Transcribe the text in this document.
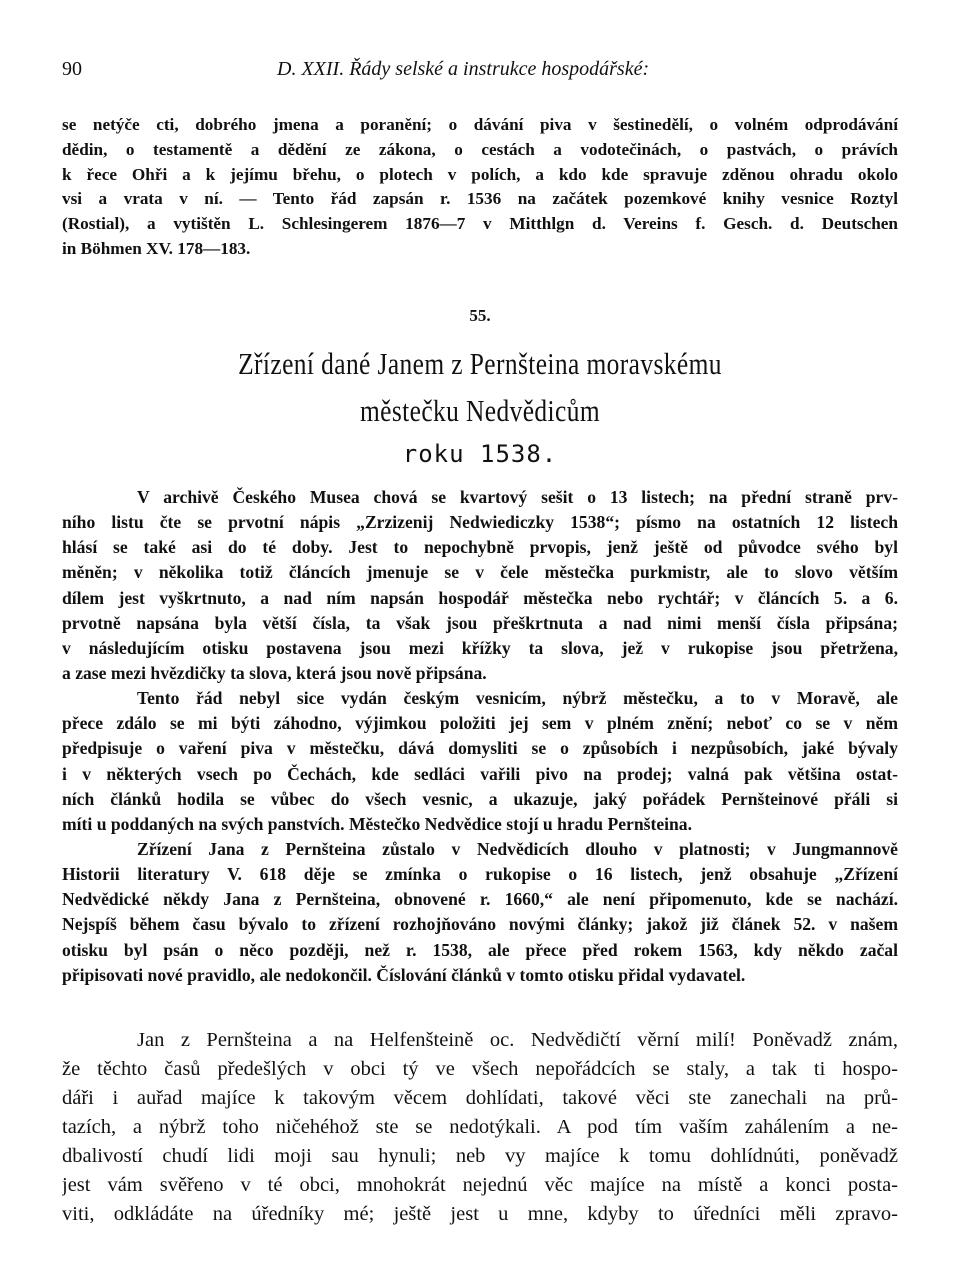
90	D. XXII. Řády selské a instrukce hospodářské:
se netýče cti, dobrého jmena a poranění; o dávání piva v šestinedělí, o volném odprodávání
dědin, o testamentě a dědění ze zákona, o cestách a vodotečinách, o pastvách, o právích
k řece Ohři a k jejímu břehu, o plotech v polích, a kdo kde spravuje zděnou ohradu okolo
vsi a vrata v ní. — Tento řád zapsán r. 1536 na začátek pozemkové knihy vesnice Roztyl
(Rostial), a vytištěn L. Schlesingerem 1876—7 v Mitthlgn d. Vereins f. Gesch. d. Deutschen
in Böhmen XV. 178—183.
55.
Zřízení dané Janem z Pernšteina moravskému
městečku Nedvědicům
roku 1538.
V archivě Českého Musea chová se kvartový sešit o 13 listech; na přední straně prv-
ního listu čte se prvotní nápis „Zrzizenij Nedwiediczky 1538“; písmo na ostatních 12 listech
hlásí se také asi do té doby. Jest to nepochybně prvopis, jenž ještě od původce svého byl
měněn; v několika totiž článcích jmenuje se v čele městečka purkmistr, ale to slovo větším
dílem jest vyškrtnuto, a nad ním napsán hospodář městečka nebo rychtář; v článcích 5. a 6.
prvotně napsána byla větší čísla, ta však jsou přeškrtnuta a nad nimi menší čísla připsána;
v následujícím otisku postavena jsou mezi křížky ta slova, jež v rukopise jsou přetržena,
a zase mezi hvězdičky ta slova, která jsou nově připsána.
Tento řád nebyl sice vydán českým vesnicím, nýbrž městečku, a to v Moravě, ale
přece zdálo se mi býti záhodno, výjimkou položiti jej sem v plném znění; neboť co se v něm
předpisuje o vaření piva v městečku, dává domysliti se o způsobích i nezpůsobích, jaké bývaly
i v některých vsech po Čechách, kde sedláci vařili pivo na prodej; valná pak většina ostat-
ních článků hodila se vůbec do všech vesnic, a ukazuje, jaký pořádek Pernšteinové přáli si
míti u poddaných na svých panstvích. Městečko Nedvědice stojí u hradu Pernšteina.
Zřízení Jana z Pernšteina zůstalo v Nedvědicích dlouho v platnosti; v Jungmannově
Historii literatury V. 618 děje se zmínka o rukopise o 16 listech, jenž obsahuje „Zřízení
Nedvědické někdy Jana z Pernšteina, obnovené r. 1660,“ ale není připomenuto, kde se nachází.
Nejspíš během času bývalo to zřízení rozhojňováno novými články; jakož již článek 52. v našem
otisku byl psán o něco později, než r. 1538, ale přece před rokem 1563, kdy někdo začal
připisovati nové pravidlo, ale nedokončil. Číslování článků v tomto otisku přidal vydavatel.
Jan z Pernšteina a na Helfenšteině oc. Nedvědičtí věrní milí! Poněvadž znám,
že těchto časů předešlých v obci tý ve všech nepořádcích se staly, a tak ti hospo-
dáři i auřad majíce k takovým věcem dohlídati, takové věci ste zanechali na prů-
tazích, a nýbrž toho ničehéhož ste se nedotýkali. A pod tím vaším zahálením a ne-
dbalivostí chudí lidi moji sau hynuli; neb vy majíce k tomu dohlídnúti, poněvadž
jest vám svěřeno v té obci, mnohokrát nejednú věc majíce na místě a konci posta-
viti, odkládáte na úředníky mé; ještě jest u mne, kdyby to úředníci měli zpravo-
